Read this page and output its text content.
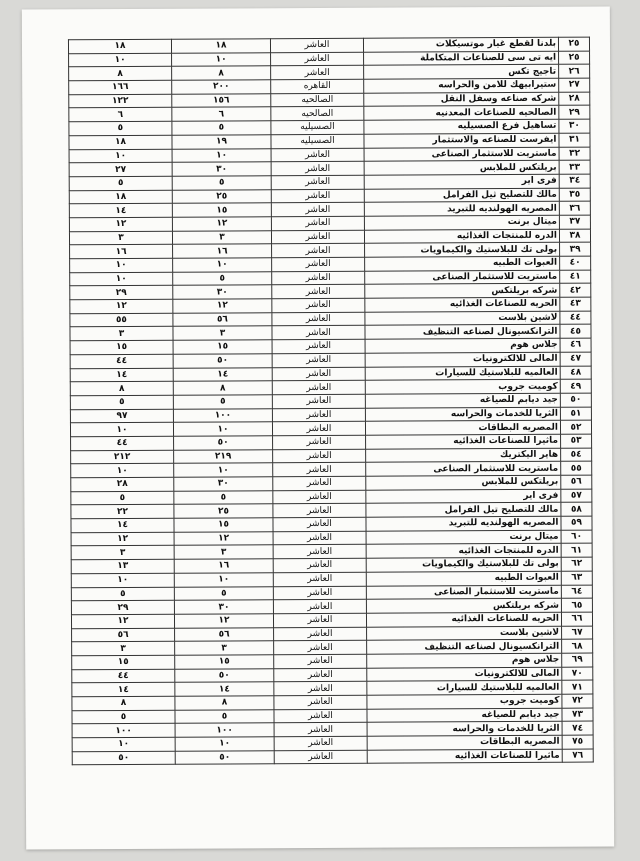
٢٥	بلدنا لقطع غيار موتسيكلات	العاشر	١٨	١٨
٢٥	ايه تى سى للصناعات المتكاملة	العاشر	١٠	١٠
٢٦	تاجيج تكس	العاشر	٨	٨
٢٧	ستيرابيهك للامن والحراسه	القاهره	٢٠٠	١٦٦
٢٨	شركه صناعه وسفل النقل	الصالحيه	١٥٦	١٢٢
٢٩	الصالحيه للصناعات المعدنيه	الصالحيه	٦	٦
٣٠	تساهيل فرع الصسيليه	الصسيليه	٥	٥
٣١	ايفرست للصناعه والاستثمار	الصسيليه	١٩	١٨
٣٢	ماستريت للاستثمار الصناعى	العاشر	١٠	١٠
٣٣	بريلتكس للملابس	العاشر	٣٠	٢٧
٣٤	فرى اير	العاشر	٥	٥
٣٥	مالك للتصليح ثيل الفرامل	العاشر	٢٥	١٨
٣٦	المصريه الهولنديه للتبريد	العاشر	١٥	١٤
٣٧	ميتال برنت	العاشر	١٢	١٢
٣٨	الدره للمنتجات الغذائيه	العاشر	٣	٣
٣٩	بولى تك للبلاستيك والكيماويات	العاشر	١٦	١٦
٤٠	العبوات الطبيه	العاشر	١٠	١٠
٤١	ماستريت للاستثمار الصناعى	العاشر	٥	١٠
٤٢	شركه بريلتكس	العاشر	٣٠	٢٩
٤٣	الحريه للصناعات الغذائيه	العاشر	١٢	١٢
٤٤	لاشين بلاست	العاشر	٥٦	٥٥
٤٥	الترانكسيونال لصناعه التنظيف	العاشر	٣	٣
٤٦	جلاس هوم	العاشر	١٥	١٥
٤٧	المالى للالكترونيات	العاشر	٥٠	٤٤
٤٨	العالميه للبلاستيك للسيارات	العاشر	١٤	١٤
٤٩	كوميت جروب	العاشر	٨	٨
٥٠	جيد ديابم للصياغه	العاشر	٥	٥
٥١	الثريا للخدمات والحراسه	العاشر	١٠٠	٩٧
٥٢	المصريه البطاقات	العاشر	١٠	١٠
٥٣	ماثيرا للصناعات الغذائيه	العاشر	٥٠	٤٤
٥٤	هاير اليكتريك	العاشر	٢١٩	٢١٢
٥٥	ماستريت للاستثمار الصناعى	العاشر	١٠	١٠
٥٦	بريلتكس للملابس	العاشر	٣٠	٢٨
٥٧	فرى اير	العاشر	٥	٥
٥٨	مالك للتصليح تيل الفرامل	العاشر	٢٥	٢٢
٥٩	المصريه الهولنديه للتبريد	العاشر	١٥	١٤
٦٠	ميتال برنت	العاشر	١٢	١٢
٦١	الدره للمنتجات الغذائيه	العاشر	٣	٣
٦٢	بولى تك للبلاستيك والكيماويات	العاشر	١٦	١٣
٦٣	العبوات الطبيه	العاشر	١٠	١٠
٦٤	ماستريت للاستثمار الصناعى	العاشر	٥	٥
٦٥	شركه بريلتكس	العاشر	٣٠	٢٩
٦٦	الحريه للصناعات الغذائيه	العاشر	١٢	١٢
٦٧	لاشين بلاست	العاشر	٥٦	٥٦
٦٨	الترانكسيونال لصناعه التنظيف	العاشر	٣	٣
٦٩	جلاس هوم	العاشر	١٥	١٥
٧٠	المالى للالكترونيات	العاشر	٥٠	٤٤
٧١	العالميه للبلاستيك للسيارات	العاشر	١٤	١٤
٧٢	كوميت جروب	العاشر	٨	٨
٧٣	جيد ديابم للصياغه	العاشر	٥	٥
٧٤	الثريا للخدمات والحراسه	العاشر	١٠٠	١٠٠
٧٥	المصريه البطاقات	العاشر	١٠	١٠
٧٦	ماثيرا للصناعات الغذائيه	العاشر	٥٠	٥٠
